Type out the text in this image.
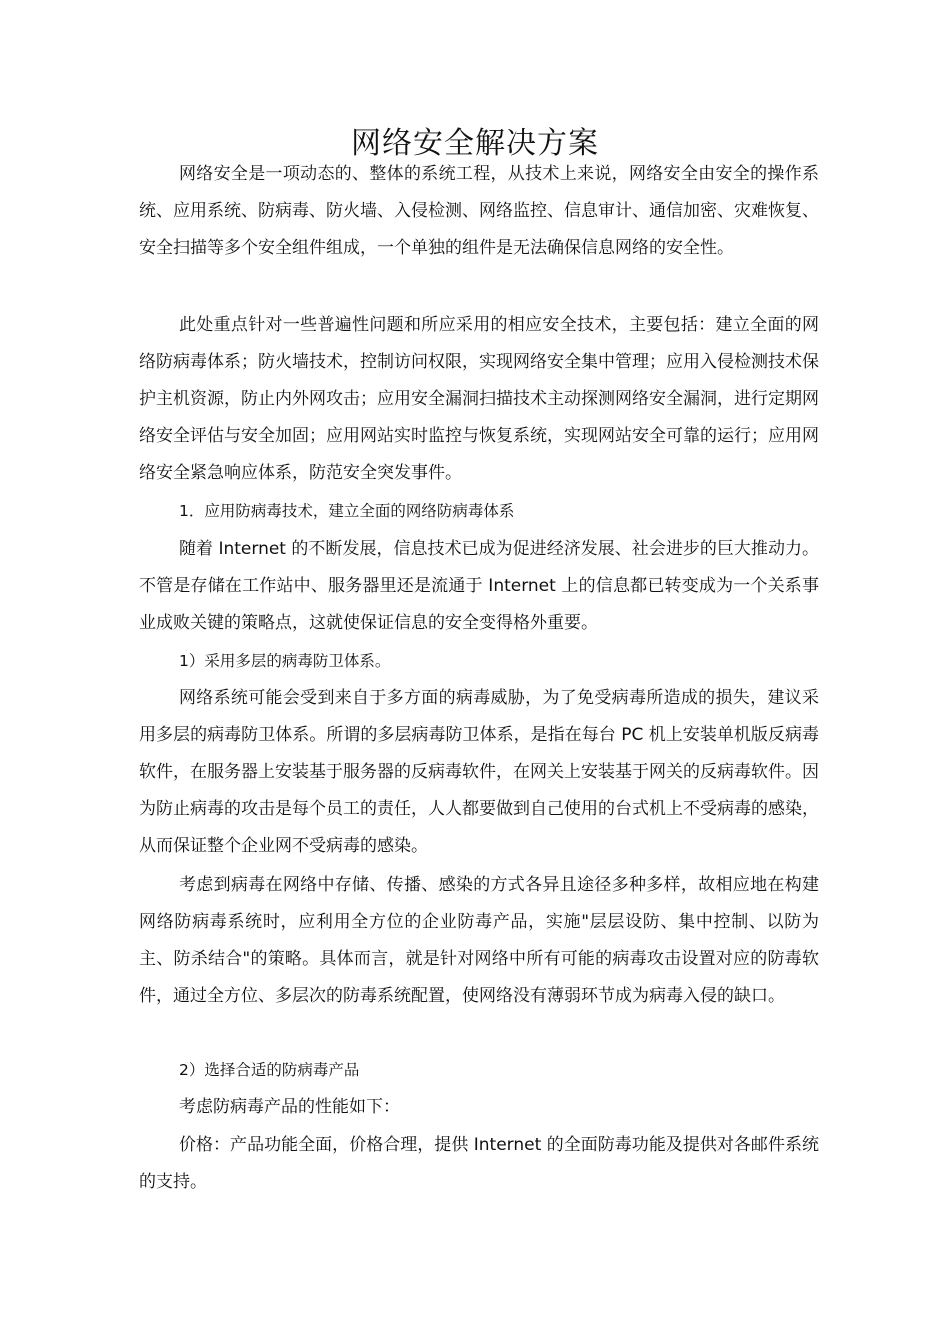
网络安全解决方案

网络安全是一项动态的、整体的系统工程，从技术上来说，网络安全由安全的操作系统、应用系统、防病毒、防火墙、入侵检测、网络监控、信息审计、通信加密、灾难恢复、安全扫描等多个安全组件组成，一个单独的组件是无法确保信息网络的安全性。

此处重点针对一些普遍性问题和所应采用的相应安全技术，主要包括：建立全面的网络防病毒体系；防火墙技术，控制访问权限，实现网络安全集中管理；应用入侵检测技术保护主机资源，防止内外网攻击；应用安全漏洞扫描技术主动探测网络安全漏洞，进行定期网络安全评估与安全加固；应用网站实时监控与恢复系统，实现网站安全可靠的运行；应用网络安全紧急响应体系，防范安全突发事件。

1．应用防病毒技术，建立全面的网络防病毒体系

随着 Internet 的不断发展，信息技术已成为促进经济发展、社会进步的巨大推动力。不管是存储在工作站中、服务器里还是流通于 Internet 上的信息都已转变成为一个关系事业成败关键的策略点，这就使保证信息的安全变得格外重要。

1）采用多层的病毒防卫体系。

网络系统可能会受到来自于多方面的病毒威胁，为了免受病毒所造成的损失，建议采用多层的病毒防卫体系。所谓的多层病毒防卫体系，是指在每台 PC 机上安装单机版反病毒软件，在服务器上安装基于服务器的反病毒软件，在网关上安装基于网关的反病毒软件。因为防止病毒的攻击是每个员工的责任，人人都要做到自己使用的台式机上不受病毒的感染，从而保证整个企业网不受病毒的感染。

考虑到病毒在网络中存储、传播、感染的方式各异且途径多种多样，故相应地在构建网络防病毒系统时，应利用全方位的企业防毒产品，实施"层层设防、集中控制、以防为主、防杀结合"的策略。具体而言，就是针对网络中所有可能的病毒攻击设置对应的防毒软件，通过全方位、多层次的防毒系统配置，使网络没有薄弱环节成为病毒入侵的缺口。

2）选择合适的防病毒产品

考虑防病毒产品的性能如下：

价格：产品功能全面，价格合理，提供 Internet 的全面防毒功能及提供对各邮件系统的支持。
